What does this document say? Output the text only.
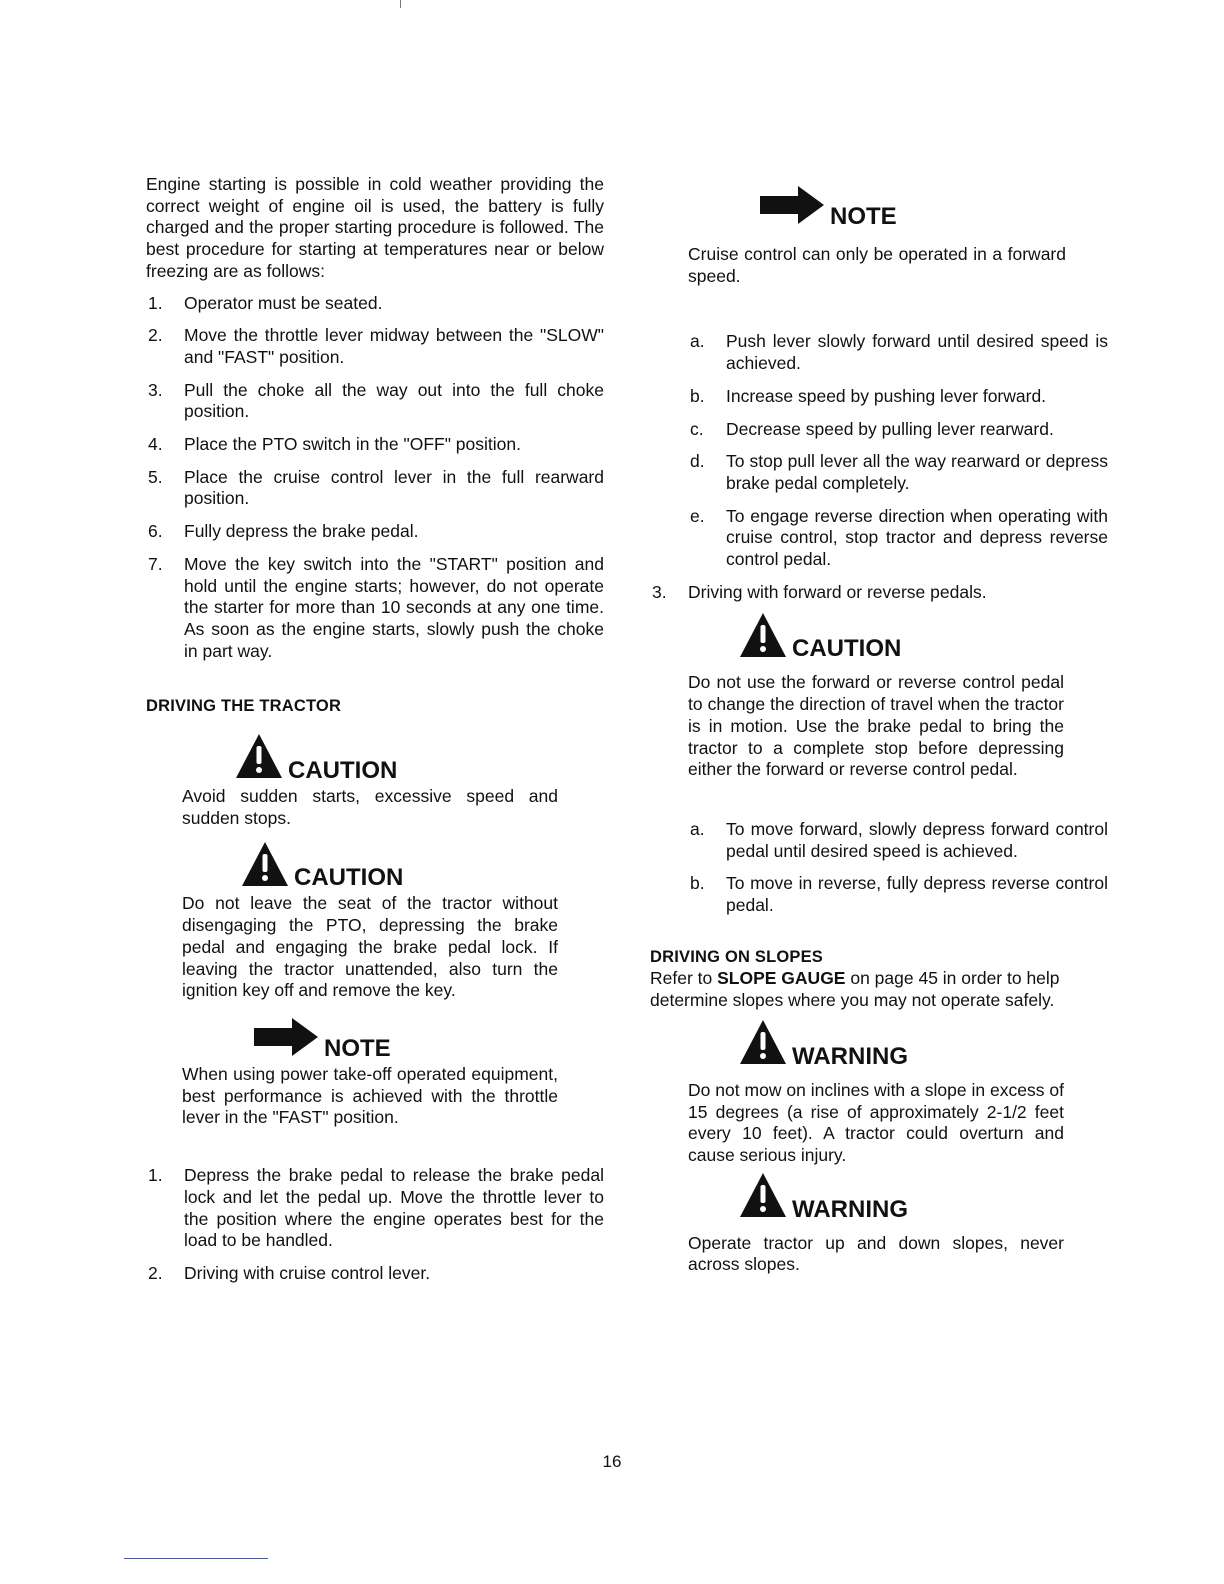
Engine starting is possible in cold weather providing the correct weight of engine oil is used, the battery is fully charged and the proper starting procedure is followed. The best procedure for starting at temperatures near or below freezing are as follows:

1. Operator must be seated.
2. Move the throttle lever midway between the "SLOW" and "FAST" position.
3. Pull the choke all the way out into the full choke position.
4. Place the PTO switch in the "OFF" position.
5. Place the cruise control lever in the full rearward position.
6. Fully depress the brake pedal.
7. Move the key switch into the "START" position and hold until the engine starts; however, do not operate the starter for more than 10 seconds at any one time. As soon as the engine starts, slowly push the choke in part way.
DRIVING THE TRACTOR
CAUTION

Avoid sudden starts, excessive speed and sudden stops.

CAUTION

Do not leave the seat of the tractor without disengaging the PTO, depressing the brake pedal and engaging the brake pedal lock. If leaving the tractor unattended, also turn the ignition key off and remove the key.

NOTE

When using power take-off operated equipment, best performance is achieved with the throttle lever in the "FAST" position.

1. Depress the brake pedal to release the brake pedal lock and let the pedal up. Move the throttle lever to the position where the engine operates best for the load to be handled.
2. Driving with cruise control lever.
NOTE

Cruise control can only be operated in a forward speed.

a. Push lever slowly forward until desired speed is achieved.
b. Increase speed by pushing lever forward.
c. Decrease speed by pulling lever rearward.
d. To stop pull lever all the way rearward or depress brake pedal completely.
e. To engage reverse direction when operating with cruise control, stop tractor and depress reverse control pedal.
3. Driving with forward or reverse pedals.
CAUTION

Do not use the forward or reverse control pedal to change the direction of travel when the tractor is in motion. Use the brake pedal to bring the tractor to a complete stop before depressing either the forward or reverse control pedal.

a. To move forward, slowly depress forward control pedal until desired speed is achieved.
b. To move in reverse, fully depress reverse control pedal.
DRIVING ON SLOPES

Refer to SLOPE GAUGE on page 45 in order to help determine slopes where you may not operate safely.

WARNING

Do not mow on inclines with a slope in excess of 15 degrees (a rise of approximately 2-1/2 feet every 10 feet). A tractor could overturn and cause serious injury.

WARNING

Operate tractor up and down slopes, never across slopes.

16
